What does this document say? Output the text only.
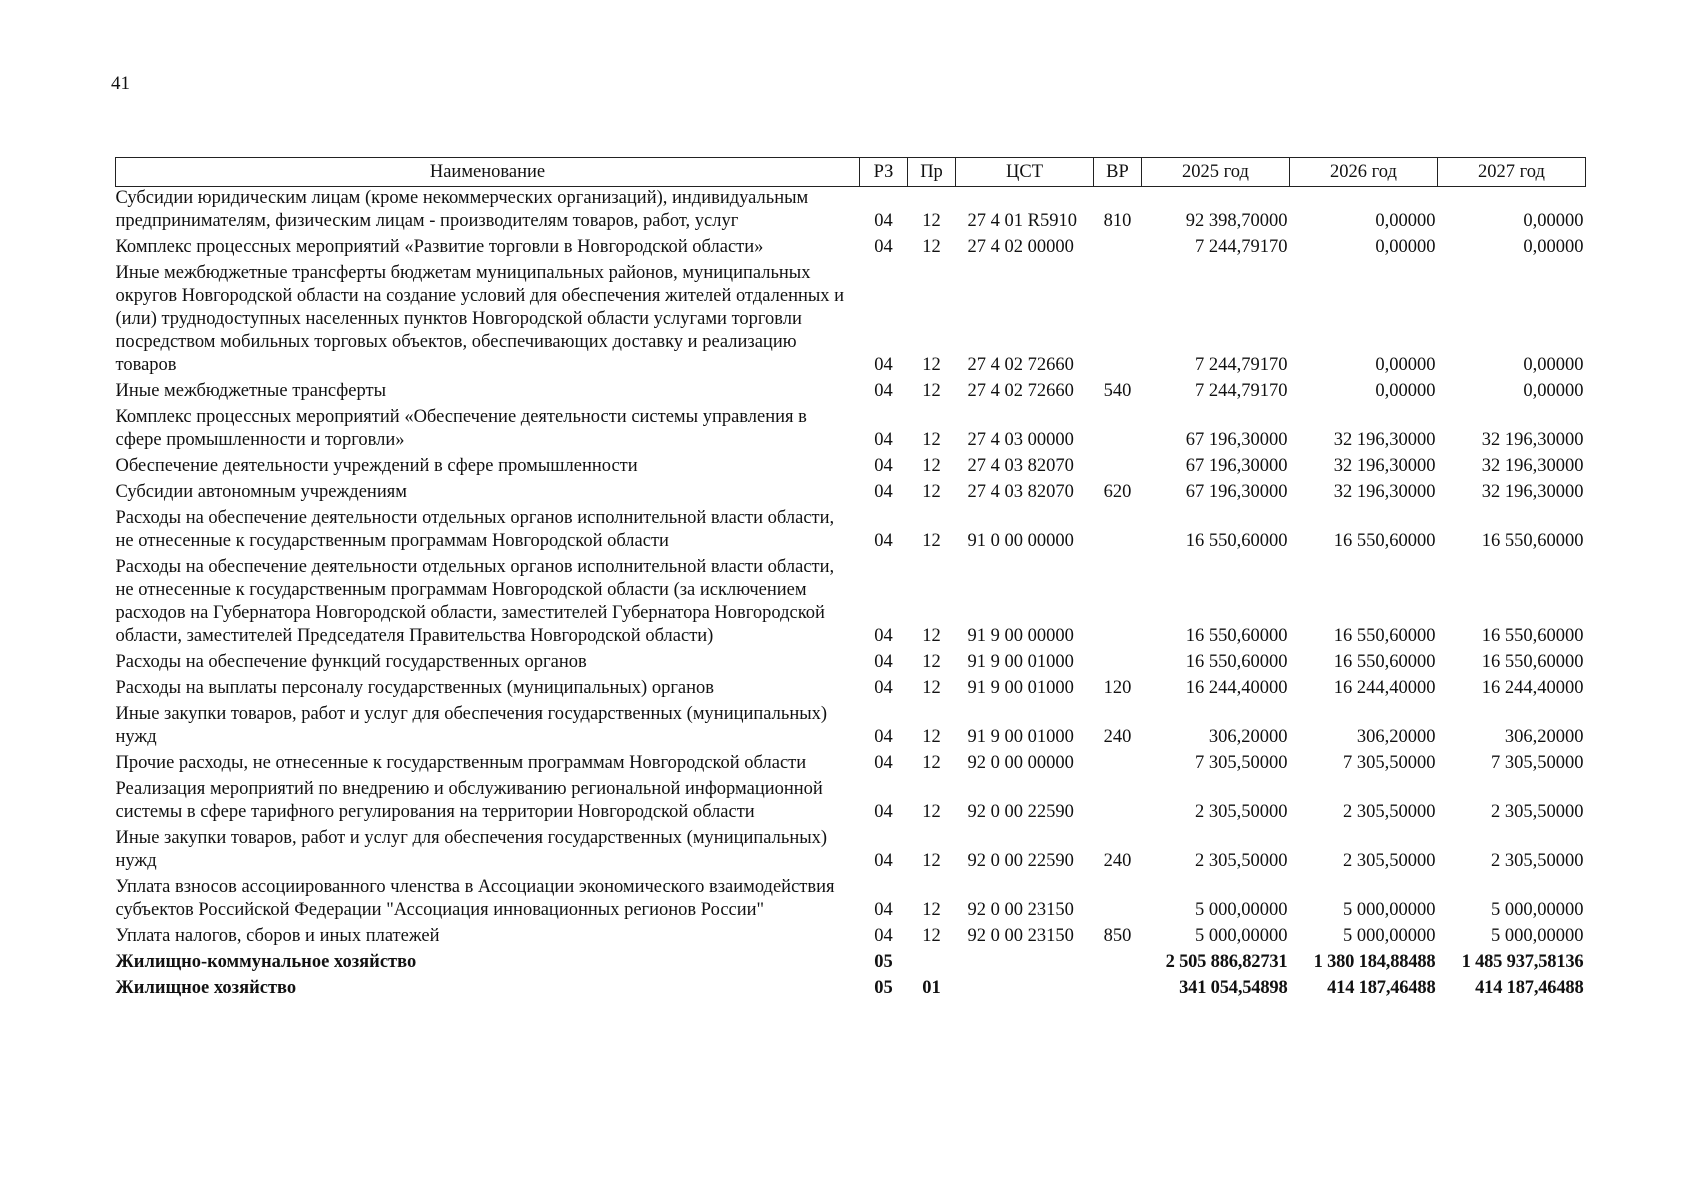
41
Наименование	РЗ	Пр	ЦСТ	ВР	2025 год	2026 год	2027 год
Субсидии юридическим лицам (кроме некоммерческих организаций), индивидуальным предпринимателям, физическим лицам - производителям товаров, работ, услуг	04	12	27 4 01 R5910	810	92 398,70000	0,00000	0,00000
Комплекс процессных мероприятий «Развитие торговли в Новгородской области»	04	12	27 4 02 00000		7 244,79170	0,00000	0,00000
Иные межбюджетные трансферты бюджетам муниципальных районов, муниципальных округов Новгородской области на создание условий для обеспечения жителей отдаленных и (или) труднодоступных населенных пунктов Новгородской области услугами торговли посредством мобильных торговых объектов, обеспечивающих доставку и реализацию товаров	04	12	27 4 02 72660		7 244,79170	0,00000	0,00000
Иные межбюджетные трансферты	04	12	27 4 02 72660	540	7 244,79170	0,00000	0,00000
Комплекс процессных мероприятий «Обеспечение деятельности системы управления в сфере промышленности и торговли»	04	12	27 4 03 00000		67 196,30000	32 196,30000	32 196,30000
Обеспечение деятельности учреждений в сфере промышленности	04	12	27 4 03 82070		67 196,30000	32 196,30000	32 196,30000
Субсидии автономным учреждениям	04	12	27 4 03 82070	620	67 196,30000	32 196,30000	32 196,30000
Расходы на обеспечение деятельности отдельных органов исполнительной власти области, не отнесенные к государственным программам Новгородской области	04	12	91 0 00 00000		16 550,60000	16 550,60000	16 550,60000
Расходы на обеспечение деятельности отдельных органов исполнительной власти области, не отнесенные к государственным программам Новгородской области (за исключением расходов на Губернатора Новгородской области, заместителей Губернатора Новгородской области, заместителей Председателя Правительства Новгородской области)	04	12	91 9 00 00000		16 550,60000	16 550,60000	16 550,60000
Расходы на обеспечение функций государственных органов	04	12	91 9 00 01000		16 550,60000	16 550,60000	16 550,60000
Расходы на выплаты персоналу государственных (муниципальных) органов	04	12	91 9 00 01000	120	16 244,40000	16 244,40000	16 244,40000
Иные закупки товаров, работ и услуг для обеспечения государственных (муниципальных) нужд	04	12	91 9 00 01000	240	306,20000	306,20000	306,20000
Прочие расходы, не отнесенные к государственным программам Новгородской области	04	12	92 0 00 00000		7 305,50000	7 305,50000	7 305,50000
Реализация мероприятий по внедрению и обслуживанию региональной информационной системы в сфере тарифного регулирования на территории Новгородской области	04	12	92 0 00 22590		2 305,50000	2 305,50000	2 305,50000
Иные закупки товаров, работ и услуг для обеспечения государственных (муниципальных) нужд	04	12	92 0 00 22590	240	2 305,50000	2 305,50000	2 305,50000
Уплата взносов ассоциированного членства в Ассоциации экономического взаимодействия субъектов Российской Федерации "Ассоциация инновационных регионов России"	04	12	92 0 00 23150		5 000,00000	5 000,00000	5 000,00000
Уплата налогов, сборов и иных платежей	04	12	92 0 00 23150	850	5 000,00000	5 000,00000	5 000,00000
Жилищно-коммунальное хозяйство	05				2 505 886,82731	1 380 184,88488	1 485 937,58136
Жилищное хозяйство	05	01			341 054,54898	414 187,46488	414 187,46488
